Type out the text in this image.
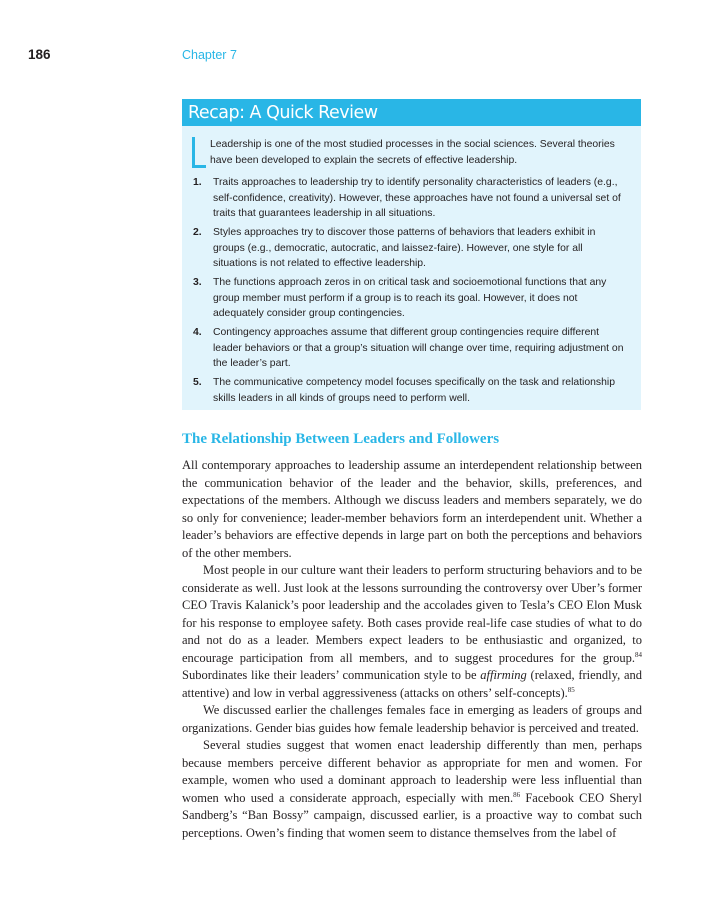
186	Chapter 7
Recap: A Quick Review

Leadership is one of the most studied processes in the social sciences. Several theories have been developed to explain the secrets of effective leadership.

1. Traits approaches to leadership try to identify personality characteristics of leaders (e.g., self-confidence, creativity). However, these approaches have not found a universal set of traits that guarantees leadership in all situations.

2. Styles approaches try to discover those patterns of behaviors that leaders exhibit in groups (e.g., democratic, autocratic, and laissez-faire). However, one style for all situations is not related to effective leadership.

3. The functions approach zeros in on critical task and socioemotional functions that any group member must perform if a group is to reach its goal. However, it does not adequately consider group contingencies.

4. Contingency approaches assume that different group contingencies require different leader behaviors or that a group’s situation will change over time, requiring adjustment on the leader’s part.

5. The communicative competency model focuses specifically on the task and relationship skills leaders in all kinds of groups need to perform well.

The Relationship Between Leaders and Followers

All contemporary approaches to leadership assume an interdependent relationship between the communication behavior of the leader and the behavior, skills, preferences, and expectations of the members. Although we discuss leaders and members separately, we do so only for convenience; leader-member behaviors form an interdependent unit. Whether a leader’s behaviors are effective depends in large part on both the perceptions and behaviors of the other members.

Most people in our culture want their leaders to perform structuring behaviors and to be considerate as well. Just look at the lessons surrounding the controversy over Uber’s former CEO Travis Kalanick’s poor leadership and the accolades given to Tesla’s CEO Elon Musk for his response to employee safety. Both cases provide real-life case studies of what to do and not do as a leader. Members expect leaders to be enthusiastic and organized, to encourage participation from all members, and to suggest procedures for the group.$^{84}$ Subordinates like their leaders’ communication style to be affirming (relaxed, friendly, and attentive) and low in verbal aggressiveness (attacks on others’ self-concepts).$^{85}$

We discussed earlier the challenges females face in emerging as leaders of groups and organizations. Gender bias guides how female leadership behavior is perceived and treated.

Several studies suggest that women enact leadership differently than men, perhaps because members perceive different behavior as appropriate for men and women. For example, women who used a dominant approach to leadership were less influential than women who used a considerate approach, especially with men.$^{86}$ Facebook CEO Sheryl Sandberg’s “Ban Bossy” campaign, discussed earlier, is a proactive way to combat such perceptions. Owen’s finding that women seem to distance themselves from the label of
